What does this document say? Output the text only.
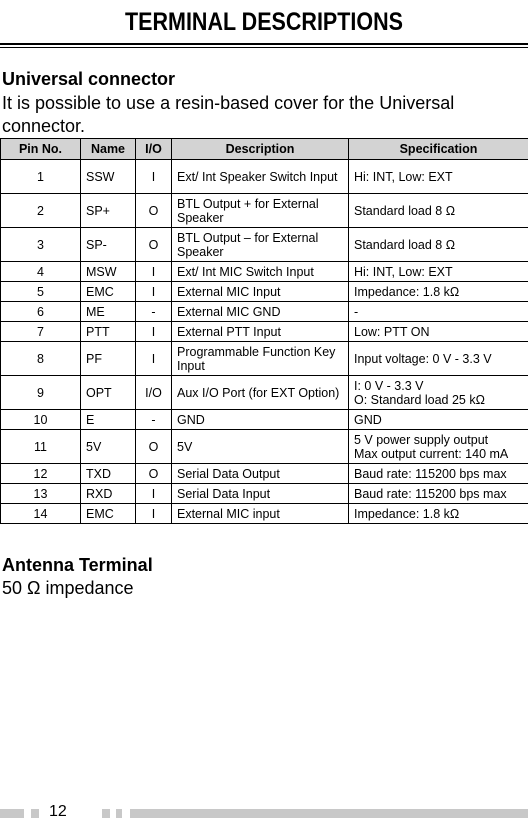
TERMINAL DESCRIPTIONS
Universal connector
It is possible to use a resin-based cover for the Universal connector.
Pin No.	Name	I/O	Description	Specification
1	SSW	I	Ext/ Int Speaker Switch Input	Hi: INT, Low: EXT
2	SP+	O	BTL Output + for External Speaker	Standard load 8 Ω
3	SP-	O	BTL Output – for External Speaker	Standard load 8 Ω
4	MSW	I	Ext/ Int MIC Switch Input	Hi: INT, Low: EXT
5	EMC	I	External MIC Input	Impedance: 1.8 kΩ
6	ME	-	External MIC GND	-
7	PTT	I	External PTT Input	Low: PTT ON
8	PF	I	Programmable Function Key Input	Input voltage: 0 V - 3.3 V
9	OPT	I/O	Aux I/O Port (for EXT Option)	I: 0 V - 3.3 V
O: Standard load 25 kΩ

10	E	-	GND	GND
11	5V	O	5V	5 V power supply output
Max output current: 140 mA

12	TXD	O	Serial Data Output	Baud rate: 115200 bps max
13	RXD	I	Serial Data Input	Baud rate: 115200 bps max
14	EMC	I	External MIC input	Impedance: 1.8 kΩ
Antenna Terminal
50 Ω impedance
12
